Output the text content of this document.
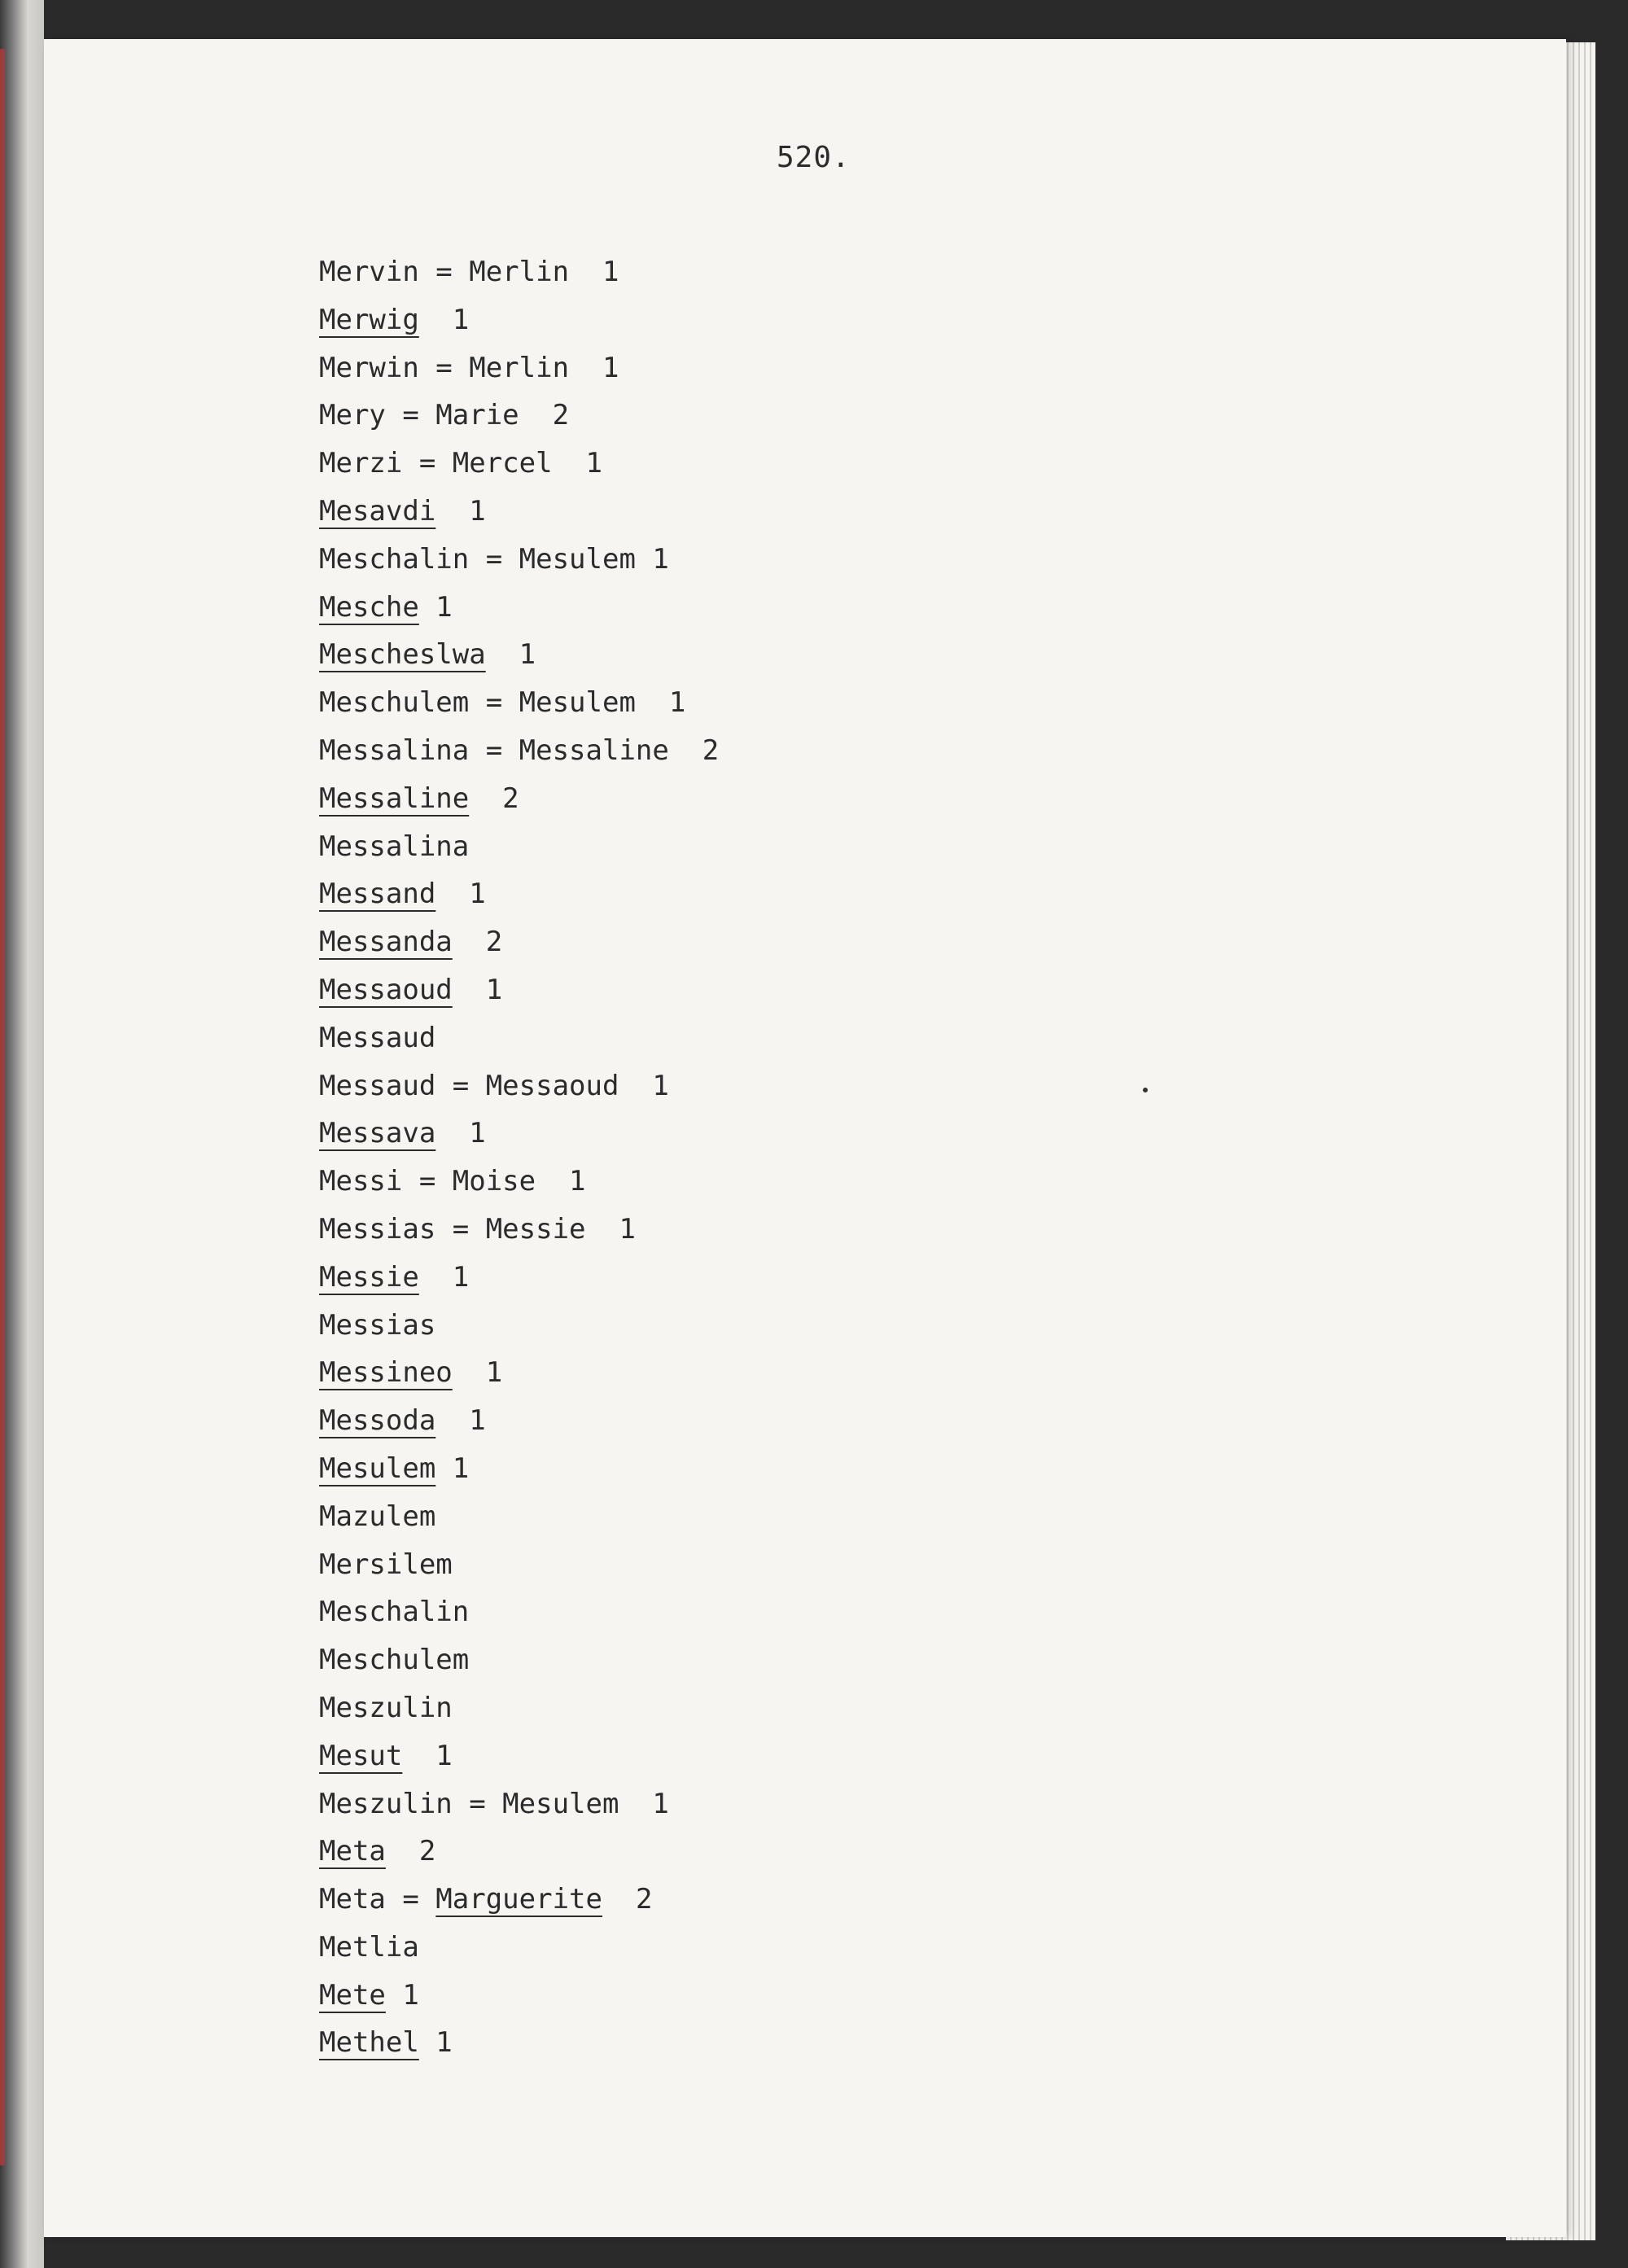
520.
Mervin = Merlin  1
Merwig  1
Merwin = Merlin  1
Mery = Marie  2
Merzi = Mercel  1
Mesavdi  1
Meschalin = Mesulem 1
Mesche 1
Mescheslwa  1
Meschulem = Mesulem  1
Messalina = Messaline  2
Messaline  2
Messalina
Messand  1
Messanda  2
Messaoud  1
Messaud
Messaud = Messaoud  1
Messava  1
Messi = Moise  1
Messias = Messie  1
Messie  1
Messias
Messineo  1
Messoda  1
Mesulem 1
Mazulem
Mersilem
Meschalin
Meschulem
Meszulin
Mesut  1
Meszulin = Mesulem  1
Meta  2
Meta = Marguerite  2
Metlia
Mete 1
Methel 1
